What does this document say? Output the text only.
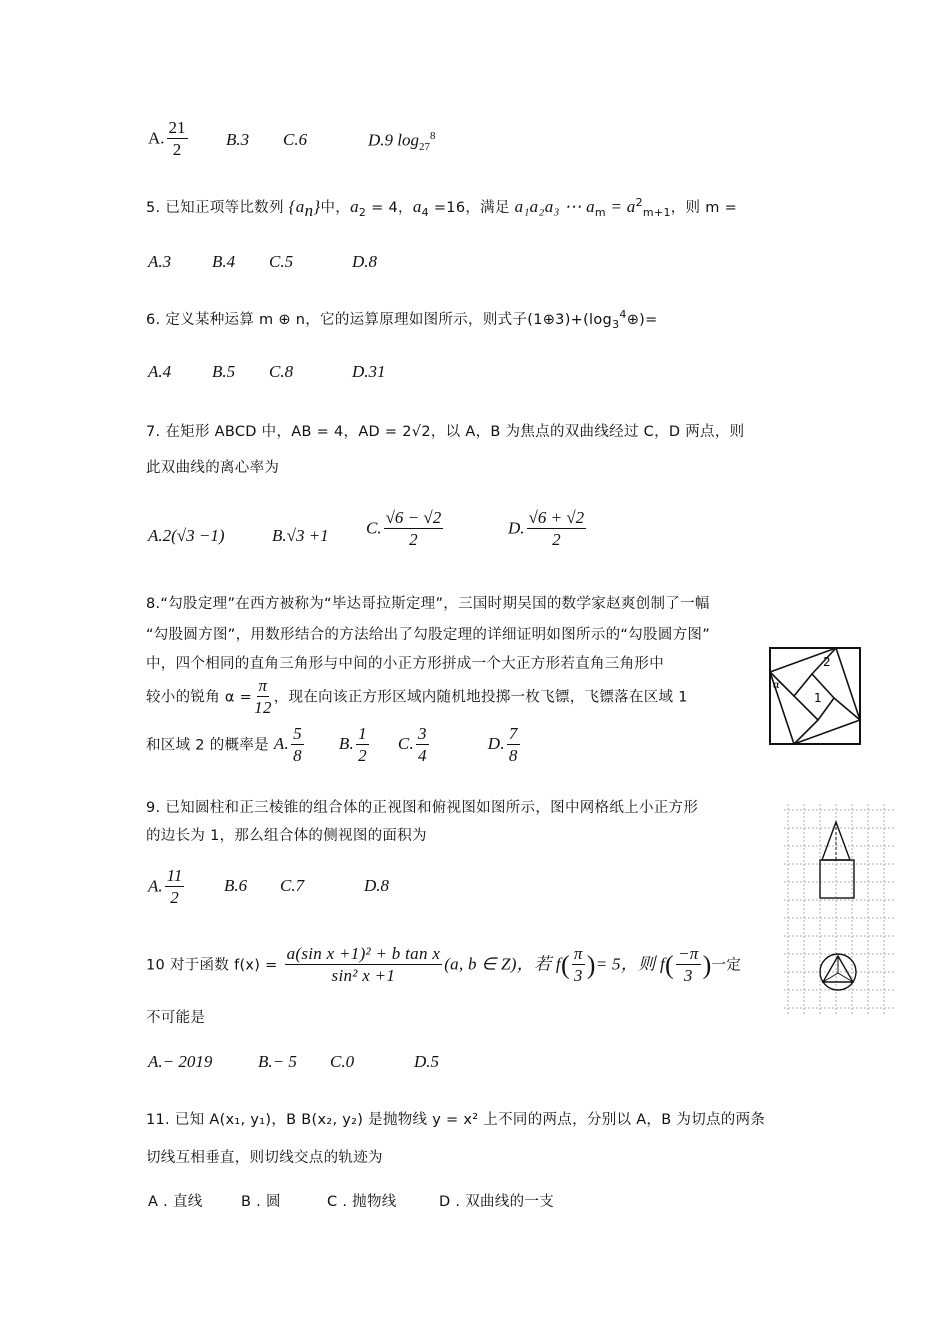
A. $\frac{21}{2} B.3$ C.6	D.9 $\log_{27}^8$
5. 已知正项等比数列 $\{a_n\}$中，$a_2 = 4$，$a_4 =16$，满足 a₁a₂a₃ ⋯ $a_m = a^2_{m+1}$，则 m =
A.3 B.4 C.5	D.8
6. 定义某种运算 m ⊕ n，它的运算原理如图所示，则式子$(1\oplus 3)+(\log_3^4\oplus)=$
A.4 B.5 C.8	D.31
7. 在矩形 ABCD 中，AB = 4，AD = 2√2，以 A，B 为焦点的双曲线经过 C，D 两点，则
此双曲线的离心率为
A.2(√3 −1)	B.√3 +1 C. $\frac{√6 - √2}{2}$	D. $\frac{√6 + √2}{2}$
8.“勾股定理”在西方被称为“毕达哥拉斯定理”，三国时期吴国的数学家赵爽创制了一幅
“勾股圆方图”，用数形结合的方法给出了勾股定理的详细证明如图所示的“勾股圆方图”
中，四个相同的直角三角形与中间的小正方形拼成一个大正方形若直角三角形中
较小的锐角 $\alpha = \frac{\pi}{12}$ ，现在向该正方形区域内随机地投掷一枚飞镖，飞镖落在区域 1
和区域 2 的概率是 A. $\frac{5}{8} B$. $\frac{1}{2} C$. $\frac{3}{4}$	D. $\frac{7}{8}$
1
2
α
9. 已知圆柱和正三棱锥的组合体的正视图和俯视图如图所示，图中网格纸上小正方形
的边长为 1，那么组合体的侧视图的面积为
A. $\frac{11}{2} B.6$ C.7	D.8
10 对于函数 $f(x) = \frac{\text{a(sin x +1)² + b tan x}}{\text{sin² x +1}} (a$, b ∈ Z)，若 $f( \frac{\pi}{3}$ )= 5，则 $f( \frac{-\pi}{3}$ )一定
不可能是
A.− 2019	B.− 5 C.0	D.5
11. 已知 A(x₁, y₁)，B B(x₂, y₂) 是抛物线 y = x² 上不同的两点，分别以 A，B 为切点的两条
切线互相垂直，则切线交点的轨迹为
A . 直线	B . 圆	C . 抛物线	D . 双曲线的一支
